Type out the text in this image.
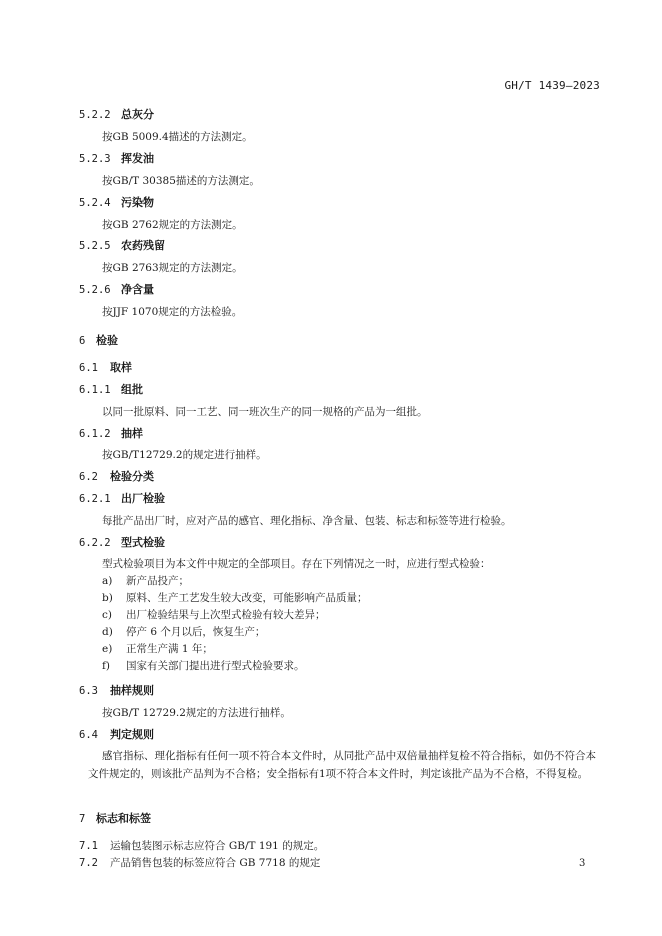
GH/T 1439—2023
5.2.2 总灰分
按GB 5009.4描述的方法测定。
5.2.3 挥发油
按GB/T 30385描述的方法测定。
5.2.4 污染物
按GB 2762规定的方法测定。
5.2.5 农药残留
按GB 2763规定的方法测定。
5.2.6 净含量
按JJF 1070规定的方法检验。
6 检验
6.1 取样
6.1.1 组批
以同一批原料、同一工艺、同一班次生产的同一规格的产品为一组批。
6.1.2 抽样
按GB/T12729.2的规定进行抽样。
6.2 检验分类
6.2.1 出厂检验
每批产品出厂时，应对产品的感官、理化指标、净含量、包装、标志和标签等进行检验。
6.2.2 型式检验
型式检验项目为本文件中规定的全部项目。存在下列情况之一时，应进行型式检验：
a) 新产品投产；
b) 原料、生产工艺发生较大改变，可能影响产品质量；
c) 出厂检验结果与上次型式检验有较大差异；
d) 停产 6 个月以后，恢复生产；
e) 正常生产满 1 年；
f) 国家有关部门提出进行型式检验要求。
6.3 抽样规则
按GB/T 12729.2规定的方法进行抽样。
6.4 判定规则
感官指标、理化指标有任何一项不符合本文件时，从同批产品中双倍量抽样复检不符合指标，如仍不符合本文件规定的，则该批产品判为不合格；安全指标有1项不符合本文件时，判定该批产品为不合格，不得复检。
7 标志和标签
7.1 运输包装图示标志应符合 GB/T 191 的规定。
7.2 产品销售包装的标签应符合 GB 7718 的规定	3
